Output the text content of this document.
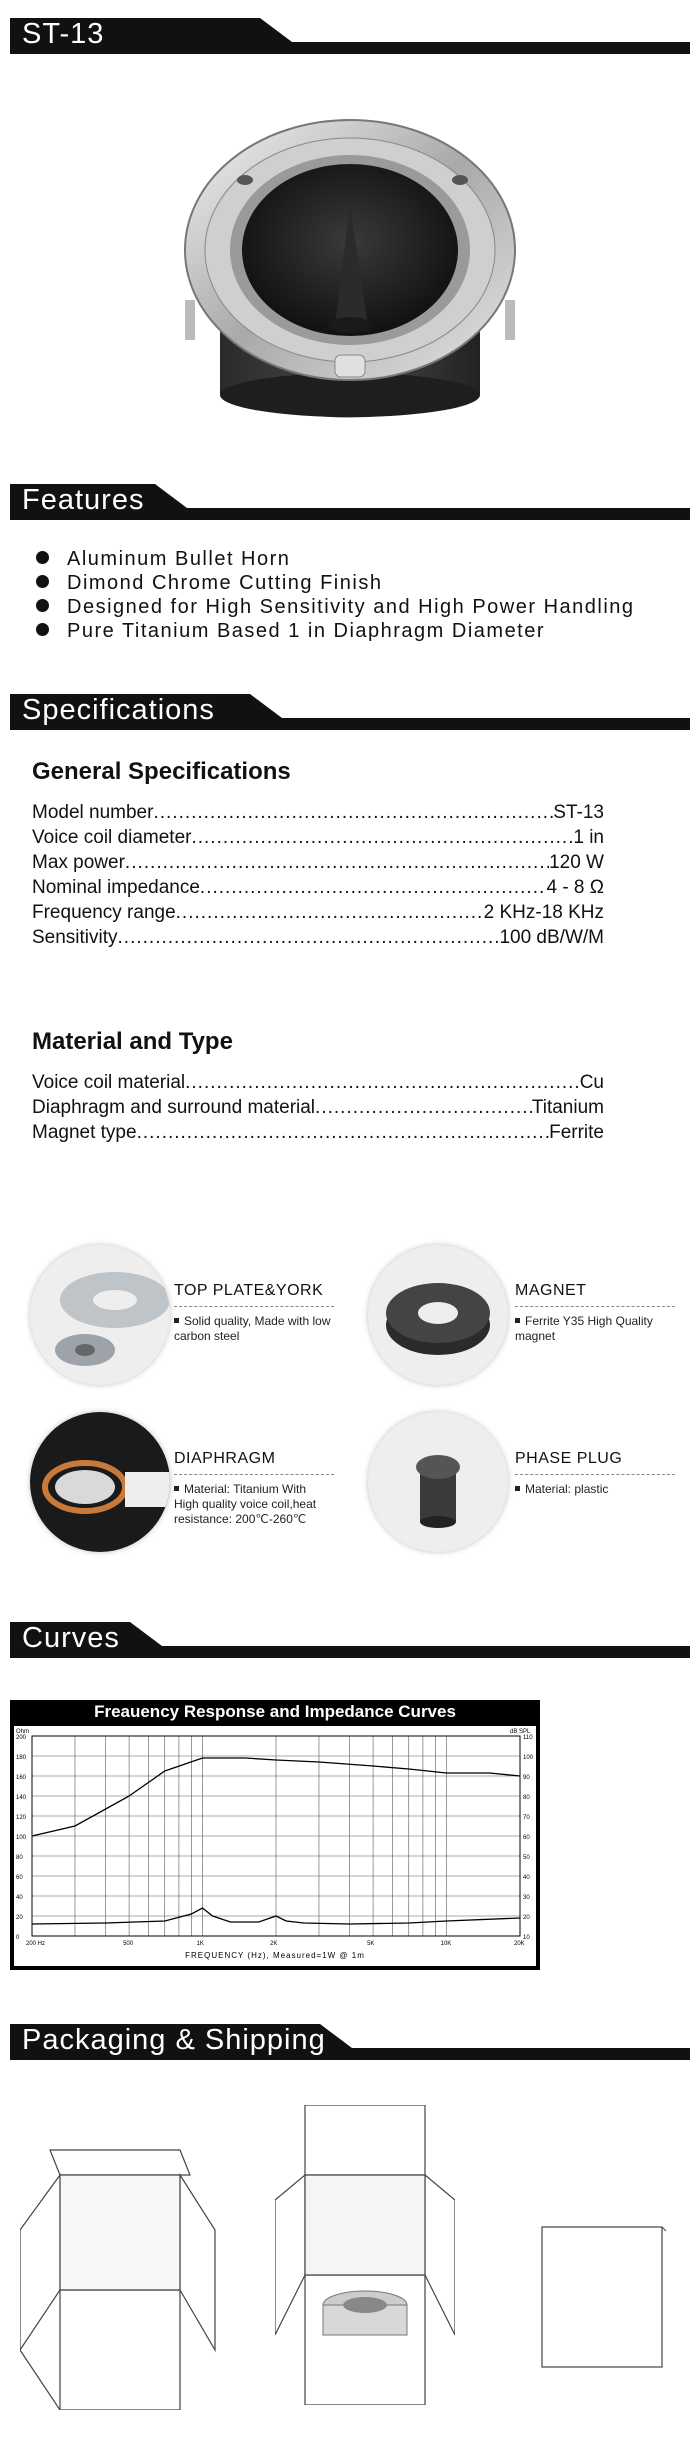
ST-13
Features
Aluminum Bullet Horn
Dimond Chrome Cutting Finish
Designed for High Sensitivity and High Power Handling
Pure Titanium Based 1 in Diaphragm Diameter
Specifications
General Specifications
Model number .....	ST-13
Voice coil diameter .....	1 in
Max power .....	120 W
Nominal impedance .....	4 - 8 Ω
Frequency range .....	2 KHz-18 KHz
Sensitivity .....	100 dB/W/M
Material and Type
Voice coil material .....	Cu
Diaphragm and surround material .....	Titanium
Magnet type .....	Ferrite
TOP PLATE&YORK
Solid quality, Made with low carbon steel
MAGNET
Ferrite Y35 High Quality magnet
DIAPHRAGM
Material: Titanium With High quality voice coil,heat resistance: 200℃-260℃
PHASE PLUG
Material: plastic
Curves
Freauency Response and Impedance Curves
200
180
160
140
120
100
80
60
40
20
0
110
100
90
80
70
60
50
40
30
20
10
200 Hz	500	1K	2K	5K	10K	20K
Ohm	dB SPL
FREQUENCY (Hz), Measured=1W @ 1m
Packaging & Shipping
